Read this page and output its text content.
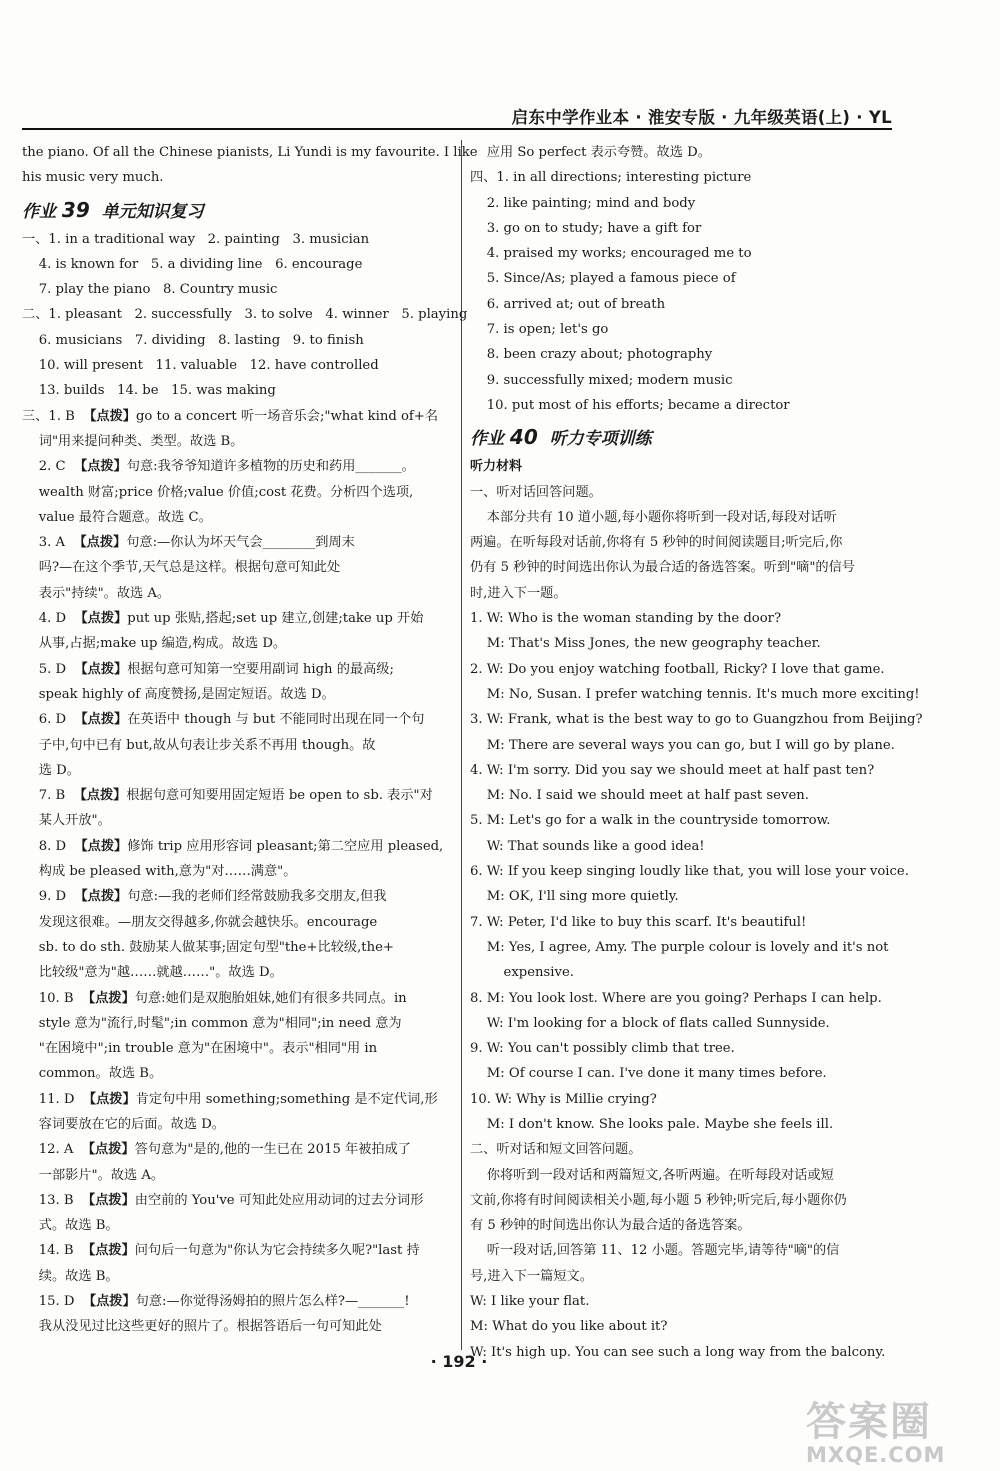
启东中学作业本 · 淮安专版 · 九年级英语(上) · YL
the piano. Of all the Chinese pianists, Li Yundi is my favourite. I like
his music very much.
作业 39  单元知识复习
一、1. in a traditional way   2. painting   3. musician
4. is known for   5. a dividing line   6. encourage
7. play the piano   8. Country music
二、1. pleasant   2. successfully   3. to solve   4. winner   5. playing
6. musicians   7. dividing   8. lasting   9. to finish
10. will present   11. valuable   12. have controlled
13. builds   14. be   15. was making
三、1. B  【点拨】go to a concert 听一场音乐会;"what kind of+名
词"用来提问种类、类型。故选 B。
2. C  【点拨】句意:我爷爷知道许多植物的历史和药用_______。
wealth 财富;price 价格;value 价值;cost 花费。分析四个选项,
value 最符合题意。故选 C。
3. A  【点拨】句意:—你认为坏天气会________到周末
吗?—在这个季节,天气总是这样。根据句意可知此处
表示"持续"。故选 A。
4. D  【点拨】put up 张贴,搭起;set up 建立,创建;take up 开始
从事,占据;make up 编造,构成。故选 D。
5. D  【点拨】根据句意可知第一空要用副词 high 的最高级;
speak highly of 高度赞扬,是固定短语。故选 D。
6. D  【点拨】在英语中 though 与 but 不能同时出现在同一个句
子中,句中已有 but,故从句表让步关系不再用 though。故
选 D。
7. B  【点拨】根据句意可知要用固定短语 be open to sb. 表示"对
某人开放"。
8. D  【点拨】修饰 trip 应用形容词 pleasant;第二空应用 pleased,
构成 be pleased with,意为"对……满意"。
9. D  【点拨】句意:—我的老师们经常鼓励我多交朋友,但我
发现这很难。—朋友交得越多,你就会越快乐。encourage
sb. to do sth. 鼓励某人做某事;固定句型"the+比较级,the+
比较级"意为"越……就越……"。故选 D。
10. B  【点拨】句意:她们是双胞胎姐妹,她们有很多共同点。in
style 意为"流行,时髦";in common 意为"相同";in need 意为
"在困境中";in trouble 意为"在困境中"。表示"相同"用 in
common。故选 B。
11. D  【点拨】肯定句中用 something;something 是不定代词,形
容词要放在它的后面。故选 D。
12. A  【点拨】答句意为"是的,他的一生已在 2015 年被拍成了
一部影片"。故选 A。
13. B  【点拨】由空前的 You've 可知此处应用动词的过去分词形
式。故选 B。
14. B  【点拨】问句后一句意为"你认为它会持续多久呢?"last 持
续。故选 B。
15. D  【点拨】句意:—你觉得汤姆拍的照片怎么样?—_______!
我从没见过比这些更好的照片了。根据答语后一句可知此处
应用 So perfect 表示夸赞。故选 D。
四、1. in all directions; interesting picture
2. like painting; mind and body
3. go on to study; have a gift for
4. praised my works; encouraged me to
5. Since/As; played a famous piece of
6. arrived at; out of breath
7. is open; let's go
8. been crazy about; photography
9. successfully mixed; modern music
10. put most of his efforts; became a director
作业 40  听力专项训练
听力材料
一、听对话回答问题。
本部分共有 10 道小题,每小题你将听到一段对话,每段对话听
两遍。在听每段对话前,你将有 5 秒钟的时间阅读题目;听完后,你
仍有 5 秒钟的时间选出你认为最合适的备选答案。听到"嘀"的信号
时,进入下一题。
1. W: Who is the woman standing by the door?
M: That's Miss Jones, the new geography teacher.
2. W: Do you enjoy watching football, Ricky? I love that game.
M: No, Susan. I prefer watching tennis. It's much more exciting!
3. W: Frank, what is the best way to go to Guangzhou from Beijing?
M: There are several ways you can go, but I will go by plane.
4. W: I'm sorry. Did you say we should meet at half past ten?
M: No. I said we should meet at half past seven.
5. M: Let's go for a walk in the countryside tomorrow.
W: That sounds like a good idea!
6. W: If you keep singing loudly like that, you will lose your voice.
M: OK, I'll sing more quietly.
7. W: Peter, I'd like to buy this scarf. It's beautiful!
M: Yes, I agree, Amy. The purple colour is lovely and it's not
expensive.
8. M: You look lost. Where are you going? Perhaps I can help.
W: I'm looking for a block of flats called Sunnyside.
9. W: You can't possibly climb that tree.
M: Of course I can. I've done it many times before.
10. W: Why is Millie crying?
M: I don't know. She looks pale. Maybe she feels ill.
二、听对话和短文回答问题。
你将听到一段对话和两篇短文,各听两遍。在听每段对话或短
文前,你将有时间阅读相关小题,每小题 5 秒钟;听完后,每小题你仍
有 5 秒钟的时间选出你认为最合适的备选答案。
听一段对话,回答第 11、12 小题。答题完毕,请等待"嘀"的信
号,进入下一篇短文。
W: I like your flat.
M: What do you like about it?
W: It's high up. You can see such a long way from the balcony.
· 192 ·
答案圈
MXQE.COM
